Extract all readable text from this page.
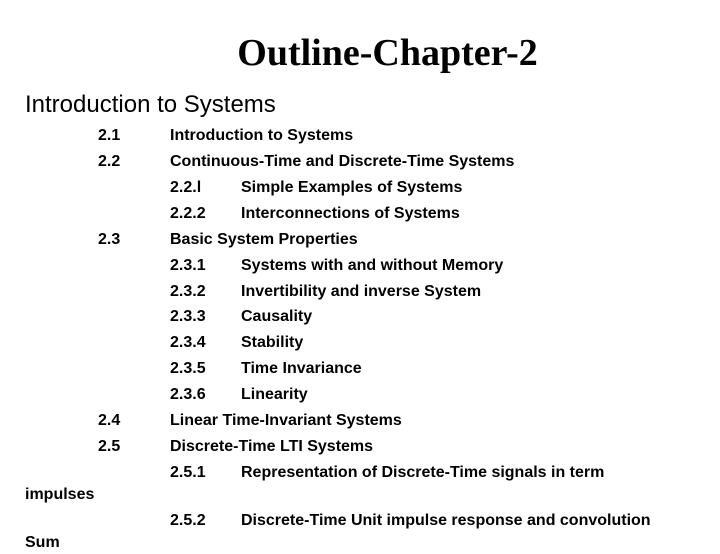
Outline-Chapter-2
Introduction to Systems
2.1	Introduction to Systems
2.2	Continuous-Time and Discrete-Time Systems
2.2.l Simple Examples of Systems
2.2.2 Interconnections of Systems
2.3	Basic System Properties
2.3.1 Systems with and without Memory
2.3.2 Invertibility and inverse System
2.3.3 Causality
2.3.4 Stability
2.3.5 Time Invariance
2.3.6 Linearity
2.4	Linear Time-Invariant Systems
2.5	Discrete-Time LTI Systems
2.5.1 Representation of Discrete-Time signals in term
impulses
2.5.2 Discrete-Time Unit impulse response and convolution
Sum
